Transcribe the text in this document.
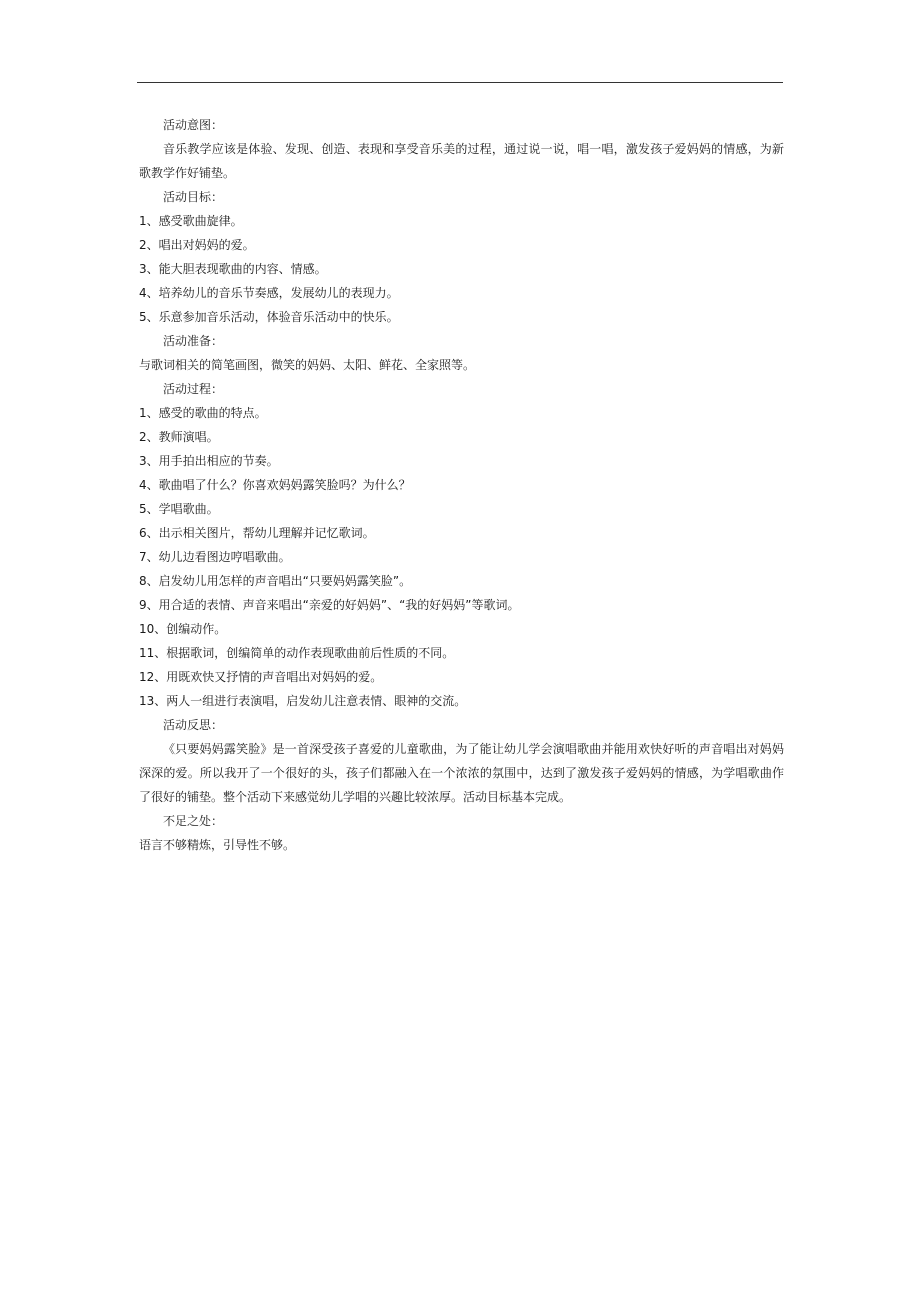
活动意图：

音乐教学应该是体验、发现、创造、表现和享受音乐美的过程，通过说一说，唱一唱，激发孩子爱妈妈的情感，为新歌教学作好铺垫。

活动目标：

1、感受歌曲旋律。

2、唱出对妈妈的爱。

3、能大胆表现歌曲的内容、情感。

4、培养幼儿的音乐节奏感，发展幼儿的表现力。

5、乐意参加音乐活动，体验音乐活动中的快乐。

活动准备：

与歌词相关的简笔画图，微笑的妈妈、太阳、鲜花、全家照等。

活动过程：

1、感受的歌曲的特点。

2、教师演唱。

3、用手拍出相应的节奏。

4、歌曲唱了什么？你喜欢妈妈露笑脸吗？为什么？

5、学唱歌曲。

6、出示相关图片，帮幼儿理解并记忆歌词。

7、幼儿边看图边哼唱歌曲。

8、启发幼儿用怎样的声音唱出“只要妈妈露笑脸”。

9、用合适的表情、声音来唱出“亲爱的好妈妈”、“我的好妈妈”等歌词。

10、创编动作。

11、根据歌词，创编简单的动作表现歌曲前后性质的不同。

12、用既欢快又抒情的声音唱出对妈妈的爱。

13、两人一组进行表演唱，启发幼儿注意表情、眼神的交流。

活动反思：

《只要妈妈露笑脸》是一首深受孩子喜爱的儿童歌曲，为了能让幼儿学会演唱歌曲并能用欢快好听的声音唱出对妈妈深深的爱。所以我开了一个很好的头，孩子们都融入在一个浓浓的氛围中，达到了激发孩子爱妈妈的情感，为学唱歌曲作了很好的铺垫。整个活动下来感觉幼儿学唱的兴趣比较浓厚。活动目标基本完成。

不足之处：

语言不够精炼，引导性不够。
